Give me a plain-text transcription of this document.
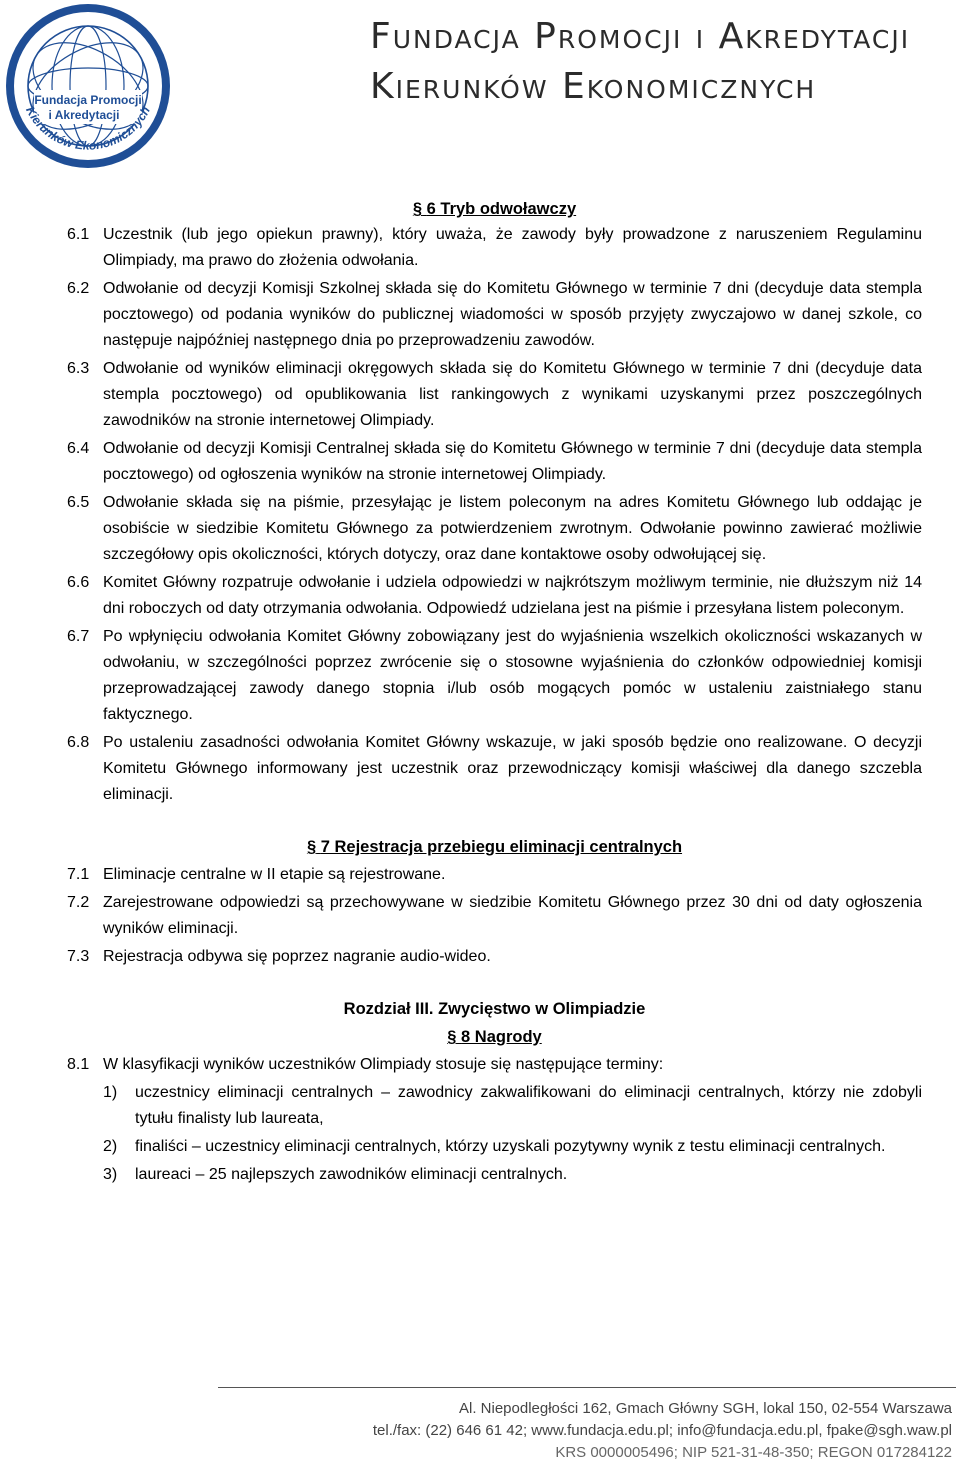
Fundacja Promocji
i Akredytacji
Kierunków Ekonomicznych
Fundacja Promocji i Akredytacji
Kierunków Ekonomicznych
§ 6 Tryb odwoławczy
6.1 Uczestnik (lub jego opiekun prawny), który uważa, że zawody były prowadzone z naruszeniem Regulaminu Olimpiady, ma prawo do złożenia odwołania.
6.2 Odwołanie od decyzji Komisji Szkolnej składa się do Komitetu Głównego w terminie 7 dni (decyduje data stempla pocztowego) od podania wyników do publicznej wiadomości w sposób przyjęty zwyczajowo w danej szkole, co następuje najpóźniej następnego dnia po przeprowadzeniu zawodów.
6.3 Odwołanie od wyników eliminacji okręgowych składa się do Komitetu Głównego w terminie 7 dni (decyduje data stempla pocztowego) od opublikowania list rankingowych z wynikami uzyskanymi przez poszczególnych zawodników na stronie internetowej Olimpiady.
6.4 Odwołanie od decyzji Komisji Centralnej składa się do Komitetu Głównego w terminie 7 dni (decyduje data stempla pocztowego) od ogłoszenia wyników na stronie internetowej Olimpiady.
6.5 Odwołanie składa się na piśmie, przesyłając je listem poleconym na adres Komitetu Głównego lub oddając je osobiście w siedzibie Komitetu Głównego za potwierdzeniem zwrotnym. Odwołanie powinno zawierać możliwie szczegółowy opis okoliczności, których dotyczy, oraz dane kontaktowe osoby odwołującej się.
6.6 Komitet Główny rozpatruje odwołanie i udziela odpowiedzi w najkrótszym możliwym terminie, nie dłuższym niż 14 dni roboczych od daty otrzymania odwołania. Odpowiedź udzielana jest na piśmie i przesyłana listem poleconym.
6.7 Po wpłynięciu odwołania Komitet Główny zobowiązany jest do wyjaśnienia wszelkich okoliczności wskazanych w odwołaniu, w szczególności poprzez zwrócenie się o stosowne wyjaśnienia do członków odpowiedniej komisji przeprowadzającej zawody danego stopnia i/lub osób mogących pomóc w ustaleniu zaistniałego stanu faktycznego.
6.8 Po ustaleniu zasadności odwołania Komitet Główny wskazuje, w jaki sposób będzie ono realizowane. O decyzji Komitetu Głównego informowany jest uczestnik oraz przewodniczący komisji właściwej dla danego szczebla eliminacji.
§ 7 Rejestracja przebiegu eliminacji centralnych
7.1 Eliminacje centralne w II etapie są rejestrowane.
7.2 Zarejestrowane odpowiedzi są przechowywane w siedzibie Komitetu Głównego przez 30 dni od daty ogłoszenia wyników eliminacji.
7.3 Rejestracja odbywa się poprzez nagranie audio-wideo.
Rozdział III. Zwycięstwo w Olimpiadzie
§ 8 Nagrody
8.1 W klasyfikacji wyników uczestników Olimpiady stosuje się następujące terminy:
1)	uczestnicy eliminacji centralnych – zawodnicy zakwalifikowani do eliminacji centralnych, którzy nie zdobyli tytułu finalisty lub laureata,
2)	finaliści – uczestnicy eliminacji centralnych, którzy uzyskali pozytywny wynik z testu eliminacji centralnych.
3)	laureaci – 25 najlepszych zawodników eliminacji centralnych.
Al. Niepodległości 162, Gmach Główny SGH, lokal 150, 02-554 Warszawa
tel./fax: (22) 646 61 42; www.fundacja.edu.pl; info@fundacja.edu.pl, fpake@sgh.waw.pl
KRS 0000005496; NIP 521-31-48-350; REGON 017284122
